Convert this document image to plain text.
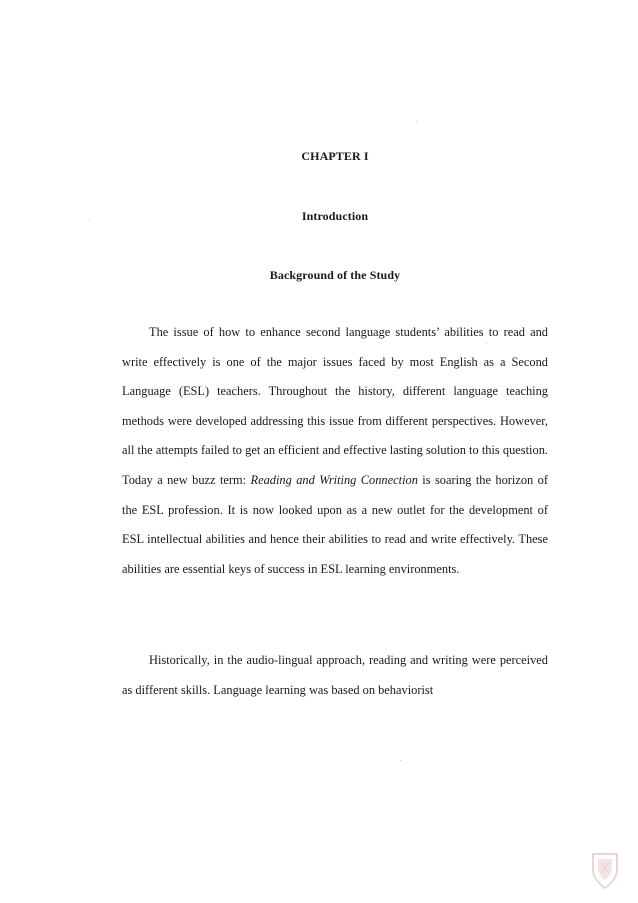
CHAPTER I
Introduction
Background of the Study

The issue of how to enhance second language students’ abilities to read and write effectively is one of the major issues faced by most English as a Second Language (ESL) teachers. Throughout the history, different language teaching methods were developed addressing this issue from different perspectives. However, all the attempts failed to get an efficient and effective lasting solution to this question. Today a new buzz term: Reading and Writing Connection is soaring the horizon of the ESL profession. It is now looked upon as a new outlet for the development of ESL intellectual abilities and hence their abilities to read and write effectively. These abilities are essential keys of success in ESL learning environments.

Historically, in the audio-lingual approach, reading and writing were perceived as different skills. Language learning was based on behaviorist
